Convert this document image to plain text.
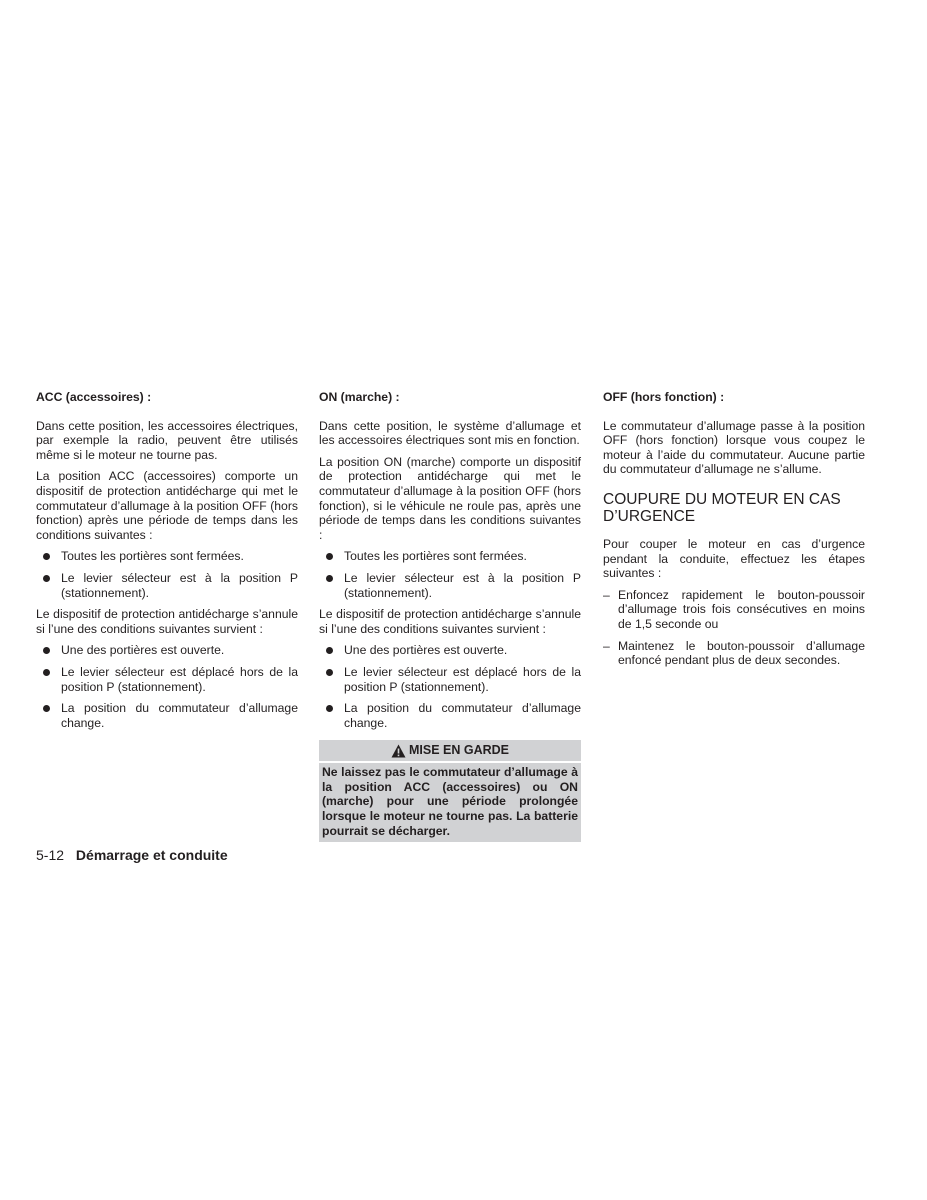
ACC (accessoires) :

Dans cette position, les accessoires électriques, par exemple la radio, peuvent être utilisés même si le moteur ne tourne pas.

La position ACC (accessoires) comporte un dispositif de protection antidécharge qui met le commutateur d’allumage à la position OFF (hors fonction) après une période de temps dans les conditions suivantes :

Toutes les portières sont fermées.
Le levier sélecteur est à la position P (stationnement).

Le dispositif de protection antidécharge s’annule si l’une des conditions suivantes survient :

Une des portières est ouverte.
Le levier sélecteur est déplacé hors de la position P (stationnement).
La position du commutateur d’allumage change.
ON (marche) :

Dans cette position, le système d’allumage et les accessoires électriques sont mis en fonction.

La position ON (marche) comporte un dispositif de protection antidécharge qui met le commutateur d’allumage à la position OFF (hors fonction), si le véhicule ne roule pas, après une période de temps dans les conditions suivantes :

Toutes les portières sont fermées.
Le levier sélecteur est à la position P (stationnement).

Le dispositif de protection antidécharge s’annule si l’une des conditions suivantes survient :

Une des portières est ouverte.
Le levier sélecteur est déplacé hors de la position P (stationnement).
La position du commutateur d’allumage change.
MISE EN GARDE
Ne laissez pas le commutateur d’allumage à la position ACC (accessoires) ou ON (marche) pour une période prolongée lorsque le moteur ne tourne pas. La batterie pourrait se décharger.
OFF (hors fonction) :

Le commutateur d’allumage passe à la position OFF (hors fonction) lorsque vous coupez le moteur à l’aide du commutateur. Aucune partie du commutateur d’allumage ne s’allume.

COUPURE DU MOTEUR EN CAS D’URGENCE

Pour couper le moteur en cas d’urgence pendant la conduite, effectuez les étapes suivantes :

– Enfoncez rapidement le bouton-poussoir d’allumage trois fois consécutives en moins de 1,5 seconde ou
– Maintenez le bouton-poussoir d’allumage enfoncé pendant plus de deux secondes.
5-12 Démarrage et conduite
